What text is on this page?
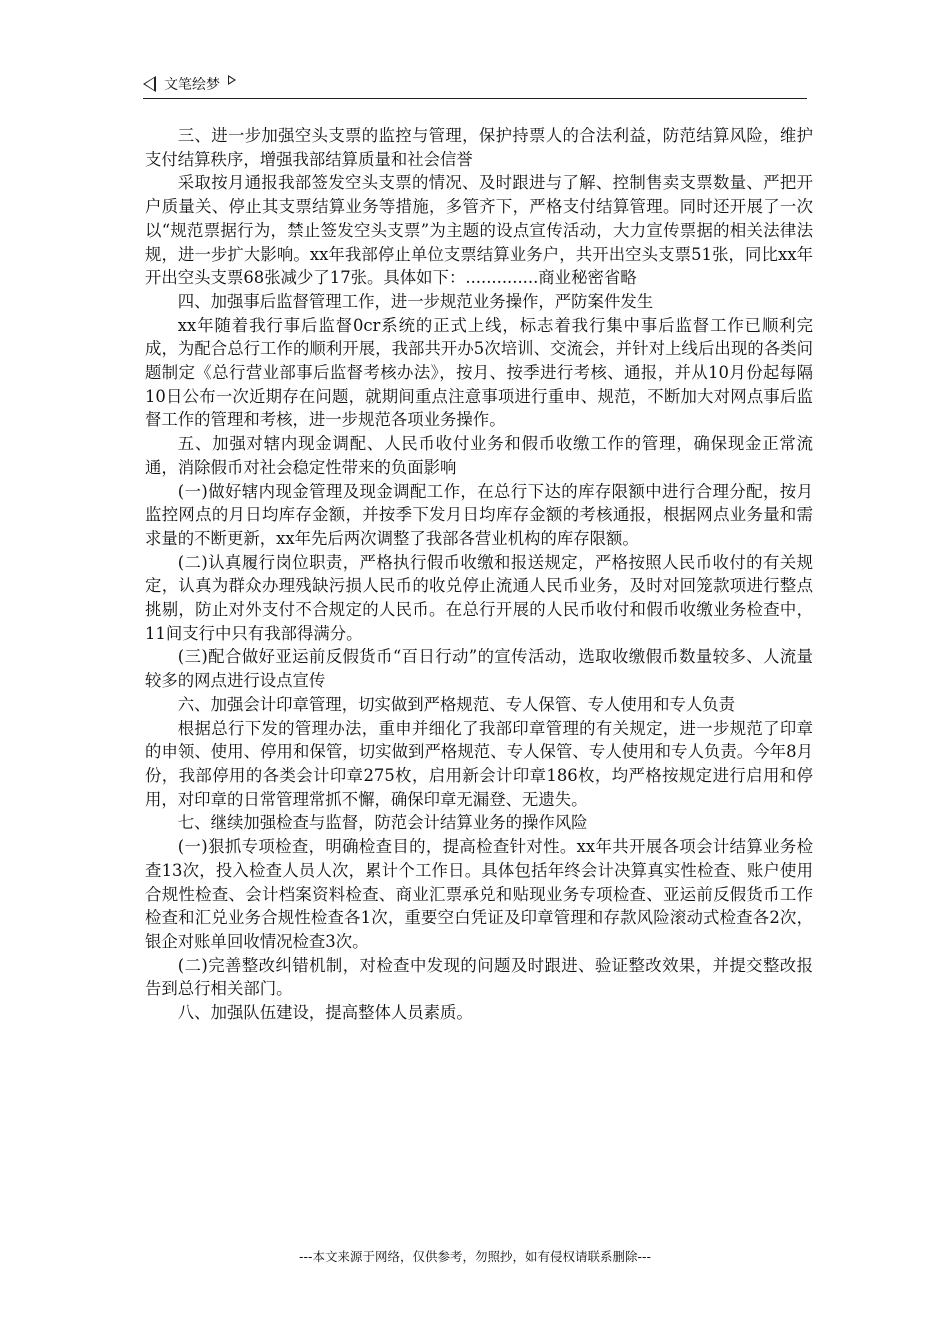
文笔绘梦

三、进一步加强空头支票的监控与管理，保护持票人的合法利益，防范结算风险，维护支付结算秩序，增强我部结算质量和社会信誉

采取按月通报我部签发空头支票的情况、及时跟进与了解、控制售卖支票数量、严把开户质量关、停止其支票结算业务等措施，多管齐下，严格支付结算管理。同时还开展了一次以“规范票据行为，禁止签发空头支票”为主题的设点宣传活动，大力宣传票据的相关法律法规，进一步扩大影响。xx年我部停止单位支票结算业务户，共开出空头支票51张，同比xx年开出空头支票68张减少了17张。具体如下：..............商业秘密省略

四、加强事后监督管理工作，进一步规范业务操作，严防案件发生

xx年随着我行事后监督0cr系统的正式上线，标志着我行集中事后监督工作已顺利完成，为配合总行工作的顺利开展，我部共开办5次培训、交流会，并针对上线后出现的各类问题制定《总行营业部事后监督考核办法》，按月、按季进行考核、通报，并从10月份起每隔10日公布一次近期存在问题，就期间重点注意事项进行重申、规范，不断加大对网点事后监督工作的管理和考核，进一步规范各项业务操作。

五、加强对辖内现金调配、人民币收付业务和假币收缴工作的管理，确保现金正常流通，消除假币对社会稳定性带来的负面影响

(一)做好辖内现金管理及现金调配工作，在总行下达的库存限额中进行合理分配，按月监控网点的月日均库存金额，并按季下发月日均库存金额的考核通报，根据网点业务量和需求量的不断更新，xx年先后两次调整了我部各营业机构的库存限额。

(二)认真履行岗位职责，严格执行假币收缴和报送规定，严格按照人民币收付的有关规定，认真为群众办理残缺污损人民币的收兑停止流通人民币业务，及时对回笼款项进行整点挑剔，防止对外支付不合规定的人民币。在总行开展的人民币收付和假币收缴业务检查中，11间支行中只有我部得满分。

(三)配合做好亚运前反假货币“百日行动”的宣传活动，选取收缴假币数量较多、人流量较多的网点进行设点宣传

六、加强会计印章管理，切实做到严格规范、专人保管、专人使用和专人负责

根据总行下发的管理办法，重申并细化了我部印章管理的有关规定，进一步规范了印章的申领、使用、停用和保管，切实做到严格规范、专人保管、专人使用和专人负责。今年8月份，我部停用的各类会计印章275枚，启用新会计印章186枚，均严格按规定进行启用和停用，对印章的日常管理常抓不懈，确保印章无漏登、无遗失。

七、继续加强检查与监督，防范会计结算业务的操作风险

(一)狠抓专项检查，明确检查目的，提高检查针对性。xx年共开展各项会计结算业务检查13次，投入检查人员人次，累计个工作日。具体包括年终会计决算真实性检查、账户使用合规性检查、会计档案资料检查、商业汇票承兑和贴现业务专项检查、亚运前反假货币工作检查和汇兑业务合规性检查各1次，重要空白凭证及印章管理和存款风险滚动式检查各2次，银企对账单回收情况检查3次。

(二)完善整改纠错机制，对检查中发现的问题及时跟进、验证整改效果，并提交整改报告到总行相关部门。

八、加强队伍建设，提高整体人员素质。

---本文来源于网络，仅供参考，勿照抄，如有侵权请联系删除---
